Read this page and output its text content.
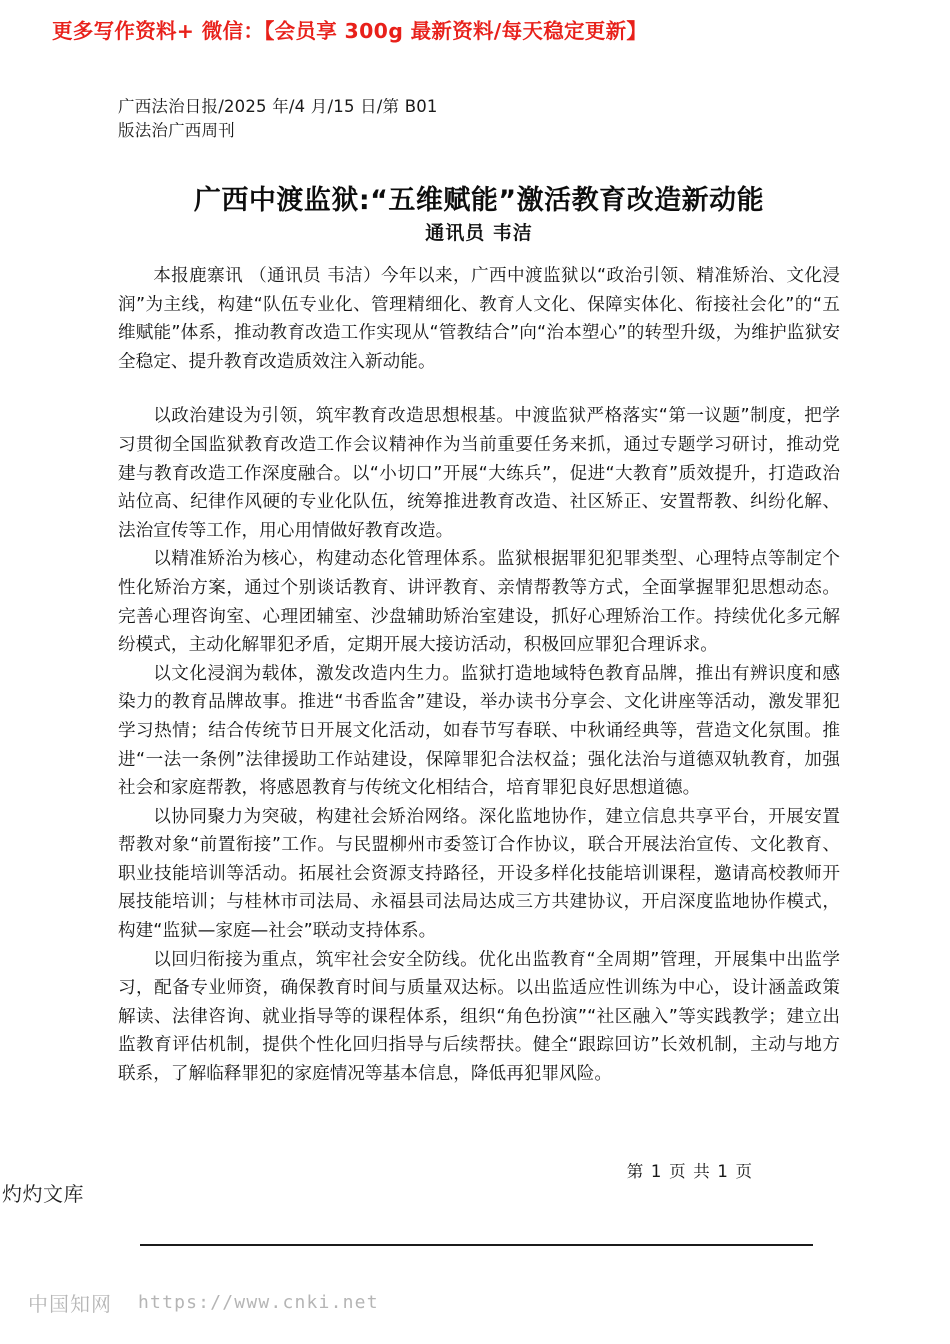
更多写作资料+ 微信：【会员享 300g 最新资料/每天稳定更新】
广西法治日报/2025 年/4 月/15 日/第 B01
版法治广西周刊
广西中渡监狱:“五维赋能”激活教育改造新动能
通讯员 韦洁

本报鹿寨讯 （通讯员 韦洁）今年以来，广西中渡监狱以“政治引领、精准矫治、文化浸润”为主线，构建“队伍专业化、管理精细化、教育人文化、保障实体化、衔接社会化”的“五维赋能”体系，推动教育改造工作实现从“管教结合”向“治本塑心”的转型升级，为维护监狱安全稳定、提升教育改造质效注入新动能。

以政治建设为引领，筑牢教育改造思想根基。中渡监狱严格落实“第一议题”制度，把学习贯彻全国监狱教育改造工作会议精神作为当前重要任务来抓，通过专题学习研讨，推动党建与教育改造工作深度融合。以“小切口”开展“大练兵”，促进“大教育”质效提升，打造政治站位高、纪律作风硬的专业化队伍，统筹推进教育改造、社区矫正、安置帮教、纠纷化解、法治宣传等工作，用心用情做好教育改造。

以精准矫治为核心，构建动态化管理体系。监狱根据罪犯犯罪类型、心理特点等制定个性化矫治方案，通过个别谈话教育、讲评教育、亲情帮教等方式，全面掌握罪犯思想动态。完善心理咨询室、心理团辅室、沙盘辅助矫治室建设，抓好心理矫治工作。持续优化多元解纷模式，主动化解罪犯矛盾，定期开展大接访活动，积极回应罪犯合理诉求。

以文化浸润为载体，激发改造内生力。监狱打造地域特色教育品牌，推出有辨识度和感染力的教育品牌故事。推进“书香监舍”建设，举办读书分享会、文化讲座等活动，激发罪犯学习热情；结合传统节日开展文化活动，如春节写春联、中秋诵经典等，营造文化氛围。推进“一法一条例”法律援助工作站建设，保障罪犯合法权益；强化法治与道德双轨教育，加强社会和家庭帮教，将感恩教育与传统文化相结合，培育罪犯良好思想道德。

以协同聚力为突破，构建社会矫治网络。深化监地协作，建立信息共享平台，开展安置帮教对象“前置衔接”工作。与民盟柳州市委签订合作协议，联合开展法治宣传、文化教育、职业技能培训等活动。拓展社会资源支持路径，开设多样化技能培训课程，邀请高校教师开展技能培训；与桂林市司法局、永福县司法局达成三方共建协议，开启深度监地协作模式，构建“监狱—家庭—社会”联动支持体系。

以回归衔接为重点，筑牢社会安全防线。优化出监教育“全周期”管理，开展集中出监学习，配备专业师资，确保教育时间与质量双达标。以出监适应性训练为中心，设计涵盖政策解读、法律咨询、就业指导等的课程体系，组织“角色扮演”“社区融入”等实践教学；建立出监教育评估机制，提供个性化回归指导与后续帮扶。健全“跟踪回访”长效机制，主动与地方联系，了解临释罪犯的家庭情况等基本信息，降低再犯罪风险。

第 1 页 共 1 页
灼灼文库
中国知网 https://www.cnki.net
